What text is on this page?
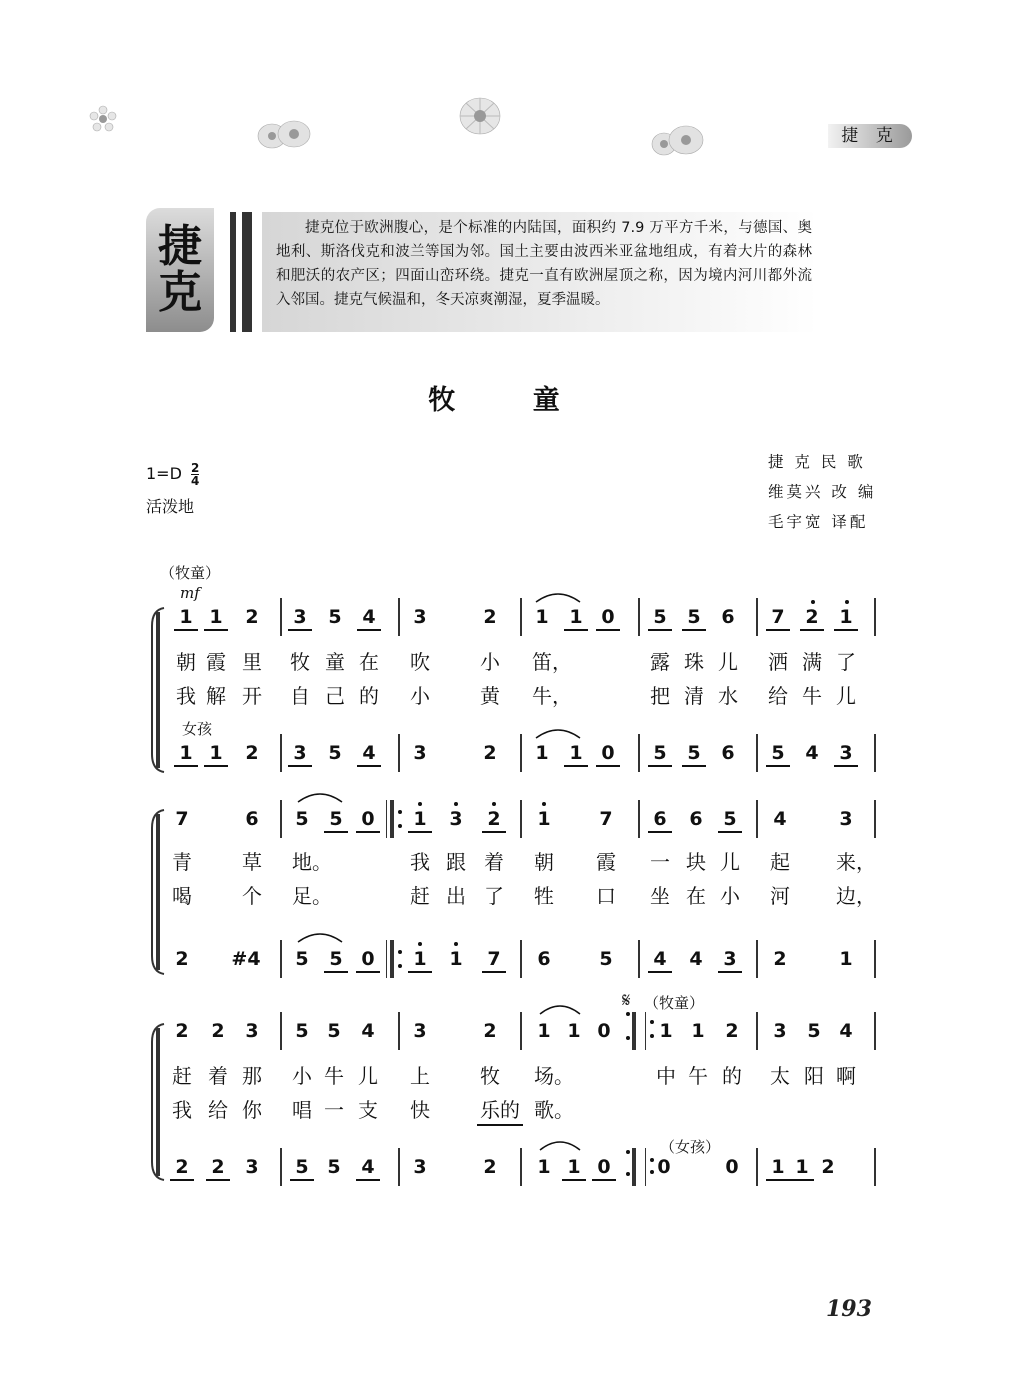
捷 克
捷克
捷克位于欧洲腹心，是个标准的内陆国，面积约 7.9 万平方千米，与德国、奥地利、斯洛伐克和波兰等国为邻。国土主要由波西米亚盆地组成，有着大片的森林和肥沃的农产区；四面山峦环绕。捷克一直有欧洲屋顶之称，因为境内河川都外流入邻国。捷克气候温和，冬天凉爽潮湿，夏季温暖。
牧 童
$1=D \frac{2}{4}$
活泼地
捷 克 民 歌
维莫兴 改 编
毛宇宽 译配
（牧童）
mf
女孩
（牧童）
（女孩）
𝄋
1 1 2 3 5 4 3	2 1 1 0 5 5 6 7 2 1
朝 霞 里 牧 童 在 吹	小 笛，	露 珠 儿 洒 满 了
我 解 开 自 己 的 小	黄 牛，	把 清 水 给 牛 儿
1 1 2 3 5 4 3	2 1 1 0 5 5 6 5 4 3
7	6 5 5 0 1 3 2 1	7 6 6 5 4	3
青	草 地。	我 跟 着 朝 霞 一 块 儿 起 来，
喝	个 足。	赶 出 了 牲 口 坐 在 小 河 边，
2 #4 5 5 0 1 1 7 6	5 4 4 3 2	1
2 2 3 5 5 4 3	2 1 1 0	1 1 2 3 5 4
赶 着 那 小 牛 儿 上	牧 场。	中 午 的 太 阳 啊
我 给 你 唱 一 支 快	乐的 歌。
2 2 3 5 5 4 3	2 1 1 0 0	0 1 1 2
193
